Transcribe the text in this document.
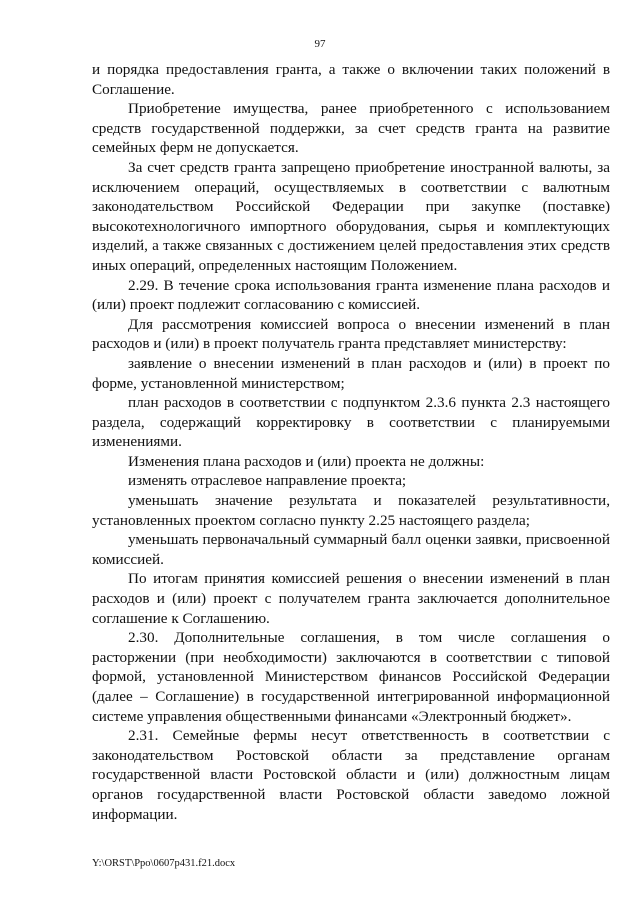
97

и порядка предоставления гранта, а также о включении таких положений в Соглашение.

Приобретение имущества, ранее приобретенного с использованием средств государственной поддержки, за счет средств гранта на развитие семейных ферм не допускается.

За счет средств гранта запрещено приобретение иностранной валюты, за исключением операций, осуществляемых в соответствии с валютным законодательством Российской Федерации при закупке (поставке) высокотехнологичного импортного оборудования, сырья и комплектующих изделий, а также связанных с достижением целей предоставления этих средств иных операций, определенных настоящим Положением.

2.29. В течение срока использования гранта изменение плана расходов и (или) проект подлежит согласованию с комиссией.

Для рассмотрения комиссией вопроса о внесении изменений в план расходов и (или) в проект получатель гранта представляет министерству:

заявление о внесении изменений в план расходов и (или) в проект по форме, установленной министерством;

план расходов в соответствии с подпунктом 2.3.6 пункта 2.3 настоящего раздела, содержащий корректировку в соответствии с планируемыми изменениями.

Изменения плана расходов и (или) проекта не должны:

изменять отраслевое направление проекта;

уменьшать значение результата и показателей результативности, установленных проектом согласно пункту 2.25 настоящего раздела;

уменьшать первоначальный суммарный балл оценки заявки, присвоенной комиссией.

По итогам принятия комиссией решения о внесении изменений в план расходов и (или) проект с получателем гранта заключается дополнительное соглашение к Соглашению.

2.30. Дополнительные соглашения, в том числе соглашения о расторжении (при необходимости) заключаются в соответствии с типовой формой, установленной Министерством финансов Российской Федерации (далее – Соглашение) в государственной интегрированной информационной системе управления общественными финансами «Электронный бюджет».

2.31. Семейные фермы несут ответственность в соответствии с законодательством Ростовской области за представление органам государственной власти Ростовской области и (или) должностным лицам органов государственной власти Ростовской области заведомо ложной информации.

Y:\ORST\Ppo\0607p431.f21.docx
